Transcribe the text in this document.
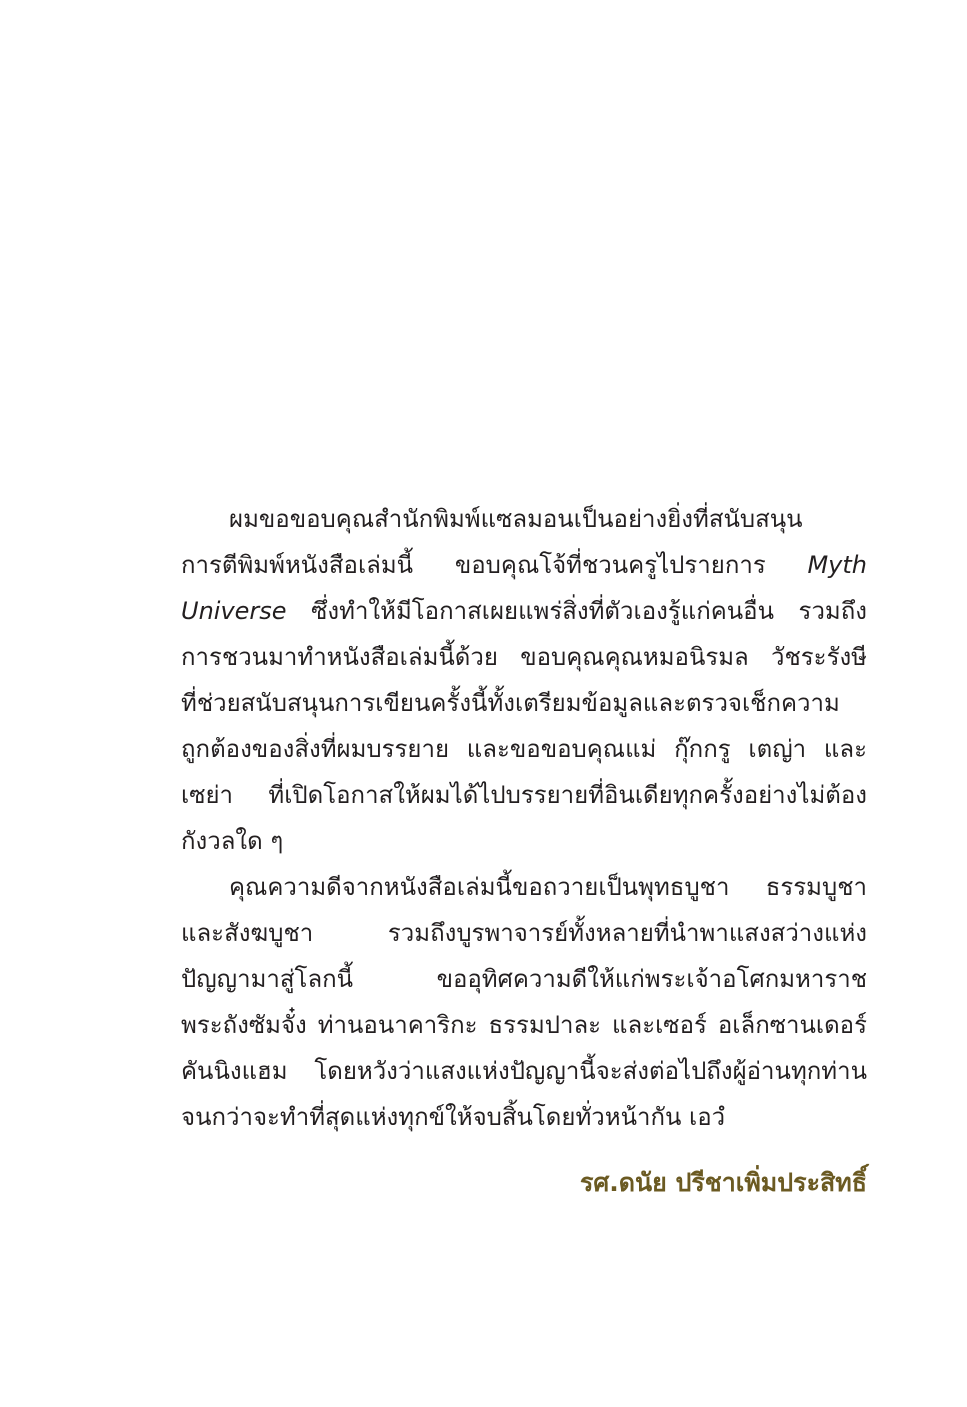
ผมขอขอบคุณสำนักพิมพ์แซลมอนเป็นอย่างยิ่งที่สนับสนุน
การตีพิมพ์หนังสือเล่มนี้ ขอบคุณโจ้ที่ชวนครูไปรายการ Myth
Universe ซึ่งทำให้มีโอกาสเผยแพร่สิ่งที่ตัวเองรู้แก่คนอื่น รวมถึง
การชวนมาทำหนังสือเล่มนี้ด้วย ขอบคุณคุณหมอนิรมล วัชระรังษี
ที่ช่วยสนับสนุนการเขียนครั้งนี้ทั้งเตรียมข้อมูลและตรวจเช็กความ
ถูกต้องของสิ่งที่ผมบรรยาย และขอขอบคุณแม่ กุ๊กกรู เตญ่า และ
เซย่า ที่เปิดโอกาสให้ผมได้ไปบรรยายที่อินเดียทุกครั้งอย่างไม่ต้อง
กังวลใด ๆ
คุณความดีจากหนังสือเล่มนี้ขอถวายเป็นพุทธบูชา ธรรมบูชา
และสังฆบูชา รวมถึงบูรพาจารย์ทั้งหลายที่นำพาแสงสว่างแห่ง
ปัญญามาสู่โลกนี้ ขออุทิศความดีให้แก่พระเจ้าอโศกมหาราช
พระถังซัมจั๋ง ท่านอนาคาริกะ ธรรมปาละ และเซอร์ อเล็กซานเดอร์
คันนิงแฮม โดยหวังว่าแสงแห่งปัญญานี้จะส่งต่อไปถึงผู้อ่านทุกท่าน
จนกว่าจะทำที่สุดแห่งทุกข์ให้จบสิ้นโดยทั่วหน้ากัน เอวํ
รศ.ดนัย ปรีชาเพิ่มประสิทธิ์
